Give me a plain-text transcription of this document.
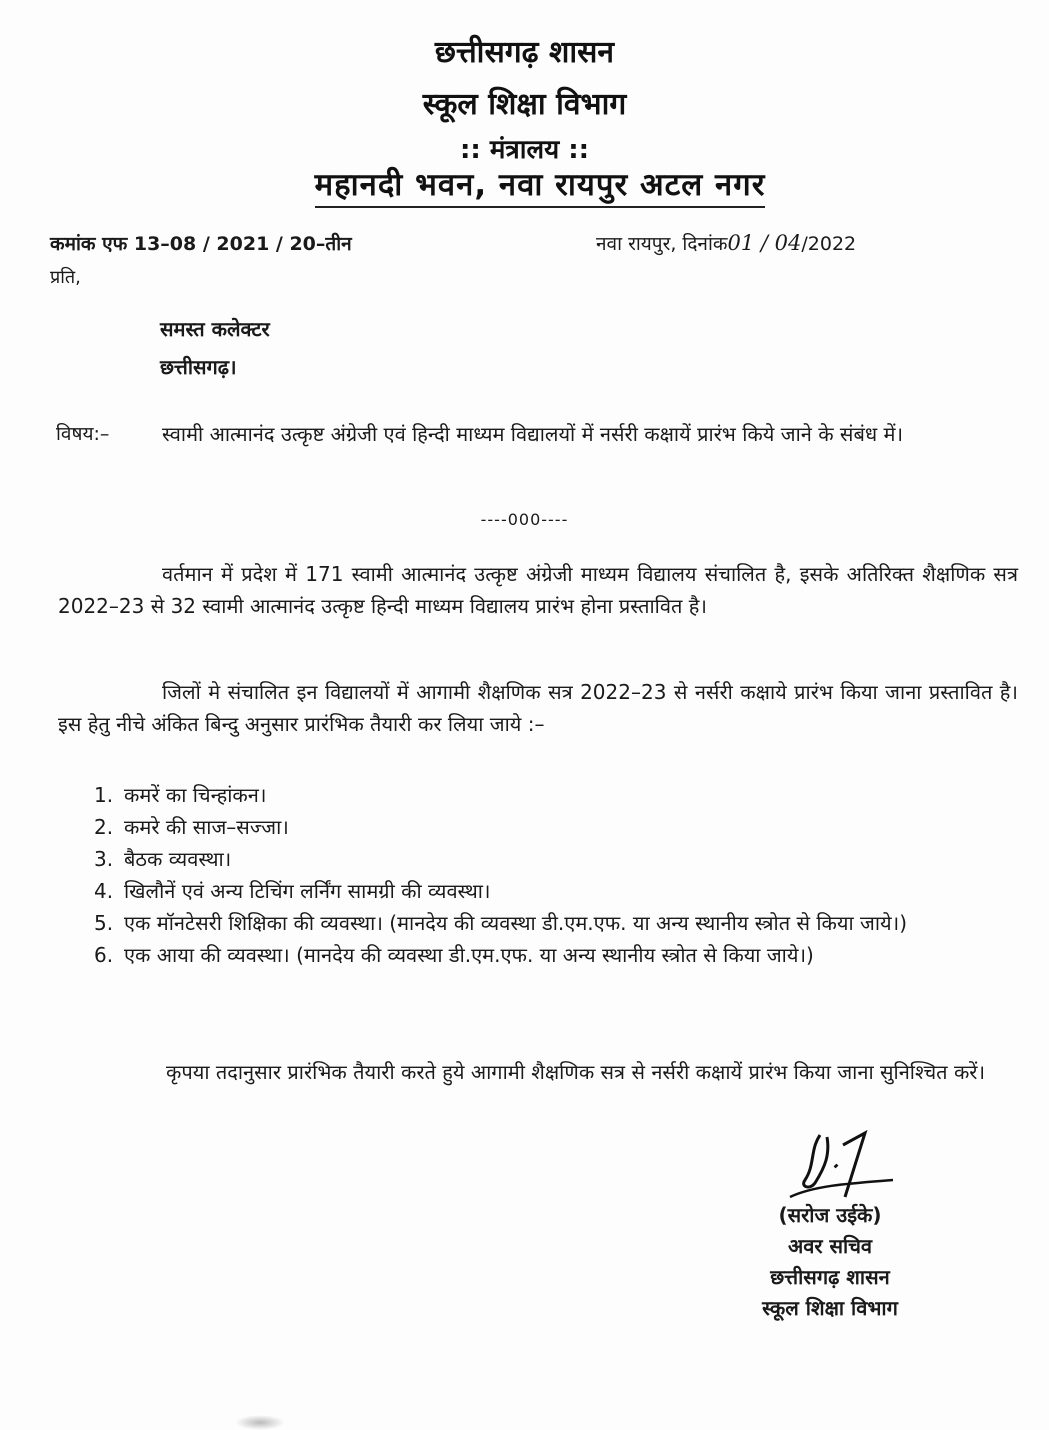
छत्तीसगढ़ शासन
स्कूल शिक्षा विभाग
:: मंत्रालय ::
महानदी भवन, नवा रायपुर अटल नगर
कमांक एफ 13–08 / 2021 / 20–तीन	नवा रायपुर, दिनांक01 / 04/2022
प्रति,
समस्त कलेक्टर
छत्तीसगढ़।
विषय:–	स्वामी आत्मानंद उत्कृष्ट अंग्रेजी एवं हिन्दी माध्यम विद्यालयों में नर्सरी कक्षायें प्रारंभ किये जाने के संबंध में।
----000----
वर्तमान में प्रदेश में 171 स्वामी आत्मानंद उत्कृष्ट अंग्रेजी माध्यम विद्यालय संचालित है, इसके अतिरिक्त शैक्षणिक सत्र 2022–23 से 32 स्वामी आत्मानंद उत्कृष्ट हिन्दी माध्यम विद्यालय प्रारंभ होना प्रस्तावित है।
जिलों मे संचालित इन विद्यालयों में आगामी शैक्षणिक सत्र 2022–23 से नर्सरी कक्षाये प्रारंभ किया जाना प्रस्तावित है। इस हेतु नीचे अंकित बिन्दु अनुसार प्रारंभिक तैयारी कर लिया जाये :–
1. कमरें का चिन्हांकन।
2. कमरे की साज–सज्जा।
3. बैठक व्यवस्था।
4. खिलौनें एवं अन्य टिचिंग लर्निंग सामग्री की व्यवस्था।
5. एक मॉनटेसरी शिक्षिका की व्यवस्था। (मानदेय की व्यवस्था डी.एम.एफ. या अन्य स्थानीय स्त्रोत से किया जाये।)
6. एक आया की व्यवस्था। (मानदेय की व्यवस्था डी.एम.एफ. या अन्य स्थानीय स्त्रोत से किया जाये।)
कृपया तदानुसार प्रारंभिक तैयारी करते हुये आगामी शैक्षणिक सत्र से नर्सरी कक्षायें प्रारंभ किया जाना सुनिश्चित करें।
(सरोज उईके)
अवर सचिव
छत्तीसगढ़ शासन
स्कूल शिक्षा विभाग
